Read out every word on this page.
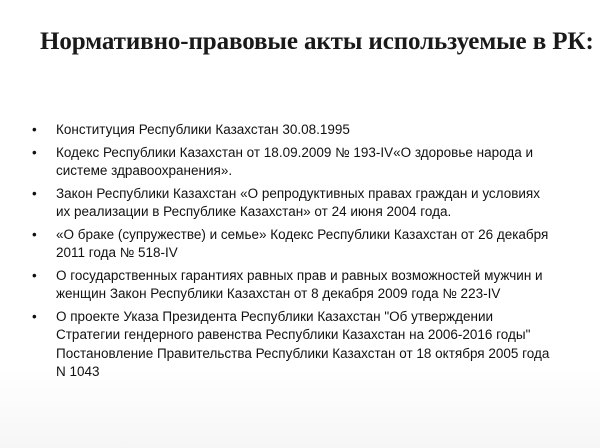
Нормативно-правовые акты используемые в РК:
• Конституция Республики Казахстан 30.08.1995
• Кодекс Республики Казахстан от 18.09.2009 № 193-IV«О здоровье народа и системе здравоохранения».
• Закон Республики Казахстан «О репродуктивных правах граждан и условиях их реализации в Республике Казахстан» от 24 июня 2004 года.
• «О браке (супружестве) и семье» Кодекс Республики Казахстан от 26 декабря 2011 года № 518-IV
• О государственных гарантиях равных прав и равных возможностей мужчин и женщин Закон Республики Казахстан от 8 декабря 2009 года № 223-IV
• О проекте Указа Президента Республики Казахстан "Об утверждении Стратегии гендерного равенства Республики Казахстан на 2006-2016 годы" Постановление Правительства Республики Казахстан от 18 октября 2005 года N 1043
